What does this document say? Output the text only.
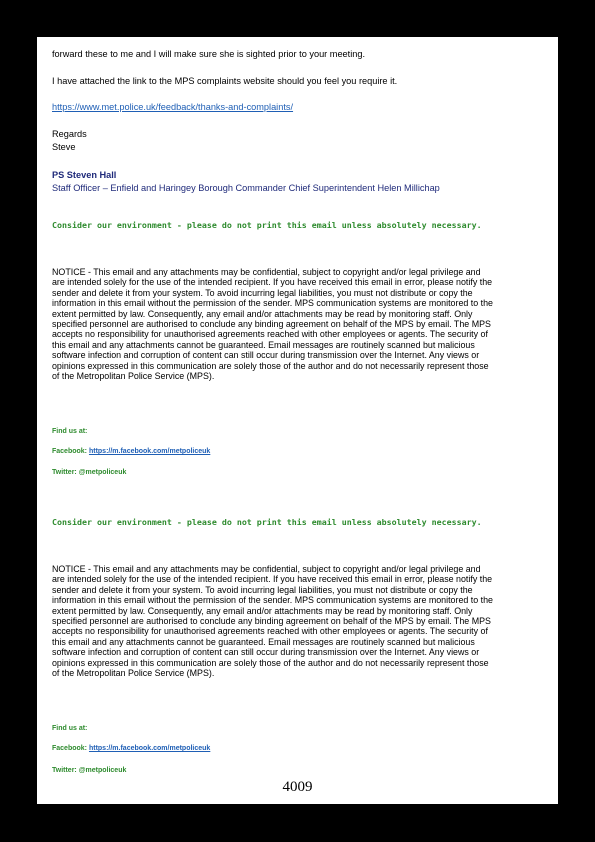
forward these to me and I will make sure she is sighted prior to your meeting.
I have attached the link to the MPS complaints website should you feel you require it.
https://www.met.police.uk/feedback/thanks-and-complaints/
Regards
Steve
PS Steven Hall
Staff Officer – Enfield and Haringey Borough Commander Chief Superintendent Helen Millichap
Consider our environment - please do not print this email unless absolutely necessary.
NOTICE - This email and any attachments may be confidential, subject to copyright and/or legal privilege and
are intended solely for the use of the intended recipient. If you have received this email in error, please notify the
sender and delete it from your system. To avoid incurring legal liabilities, you must not distribute or copy the
information in this email without the permission of the sender. MPS communication systems are monitored to the
extent permitted by law. Consequently, any email and/or attachments may be read by monitoring staff. Only
specified personnel are authorised to conclude any binding agreement on behalf of the MPS by email. The MPS
accepts no responsibility for unauthorised agreements reached with other employees or agents. The security of
this email and any attachments cannot be guaranteed. Email messages are routinely scanned but malicious
software infection and corruption of content can still occur during transmission over the Internet. Any views or
opinions expressed in this communication are solely those of the author and do not necessarily represent those
of the Metropolitan Police Service (MPS).
Find us at:
Facebook: https://m.facebook.com/metpoliceuk
Twitter: @metpoliceuk
Consider our environment - please do not print this email unless absolutely necessary.
NOTICE - This email and any attachments may be confidential, subject to copyright and/or legal privilege and
are intended solely for the use of the intended recipient. If you have received this email in error, please notify the
sender and delete it from your system. To avoid incurring legal liabilities, you must not distribute or copy the
information in this email without the permission of the sender. MPS communication systems are monitored to the
extent permitted by law. Consequently, any email and/or attachments may be read by monitoring staff. Only
specified personnel are authorised to conclude any binding agreement on behalf of the MPS by email. The MPS
accepts no responsibility for unauthorised agreements reached with other employees or agents. The security of
this email and any attachments cannot be guaranteed. Email messages are routinely scanned but malicious
software infection and corruption of content can still occur during transmission over the Internet. Any views or
opinions expressed in this communication are solely those of the author and do not necessarily represent those
of the Metropolitan Police Service (MPS).
Find us at:
Facebook: https://m.facebook.com/metpoliceuk
Twitter: @metpoliceuk
4009
